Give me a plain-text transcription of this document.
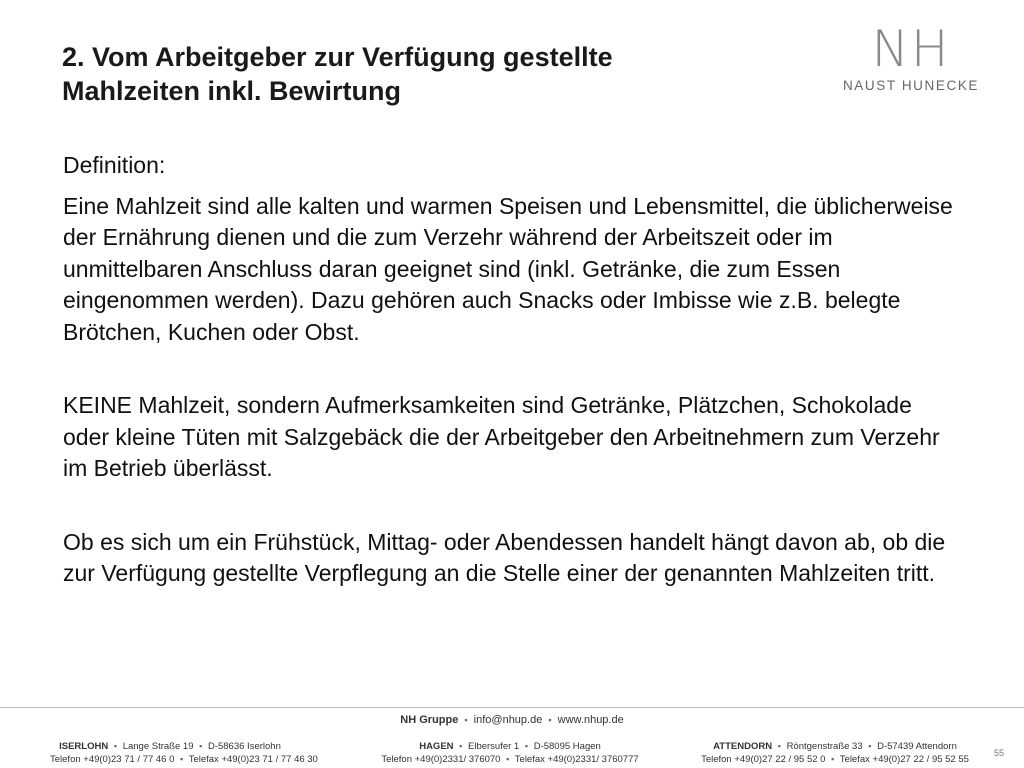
2. Vom Arbeitgeber zur Verfügung gestellte
Mahlzeiten inkl. Bewirtung
NH
NAUST HUNECKE

Definition:

Eine Mahlzeit sind alle kalten und warmen Speisen und Lebensmittel, die üblicherweise der Ernährung dienen und die zum Verzehr während der Arbeitszeit oder im unmittelbaren Anschluss daran geeignet sind (inkl. Getränke, die zum Essen eingenommen werden). Dazu gehören auch Snacks oder Imbisse wie z.B. belegte Brötchen, Kuchen oder Obst.

KEINE Mahlzeit, sondern Aufmerksamkeiten sind Getränke, Plätzchen, Schokolade oder kleine Tüten mit Salzgebäck die der Arbeitgeber den Arbeitnehmern zum Verzehr im Betrieb überlässt.

Ob es sich um ein Frühstück, Mittag- oder Abendessen handelt hängt davon ab, ob die zur Verfügung gestellte Verpflegung an die Stelle einer der genannten Mahlzeiten tritt.

NH Gruppe ▪ info@nhup.de ▪ www.nhup.de
ISERLOHN ▪ Lange Straße 19 ▪ D-58636 Iserlohn
Telefon +49(0)23 71 / 77 46 0 ▪ Telefax +49(0)23 71 / 77 46 30
HAGEN ▪ Elbersufer 1 ▪ D-58095 Hagen
Telefon +49(0)2331/ 376070 ▪ Telefax +49(0)2331/ 3760777
ATTENDORN ▪ Röntgenstraße 33 ▪ D-57439 Attendorn
Telefon +49(0)27 22 / 95 52 0 ▪ Telefax +49(0)27 22 / 95 52 55
55
